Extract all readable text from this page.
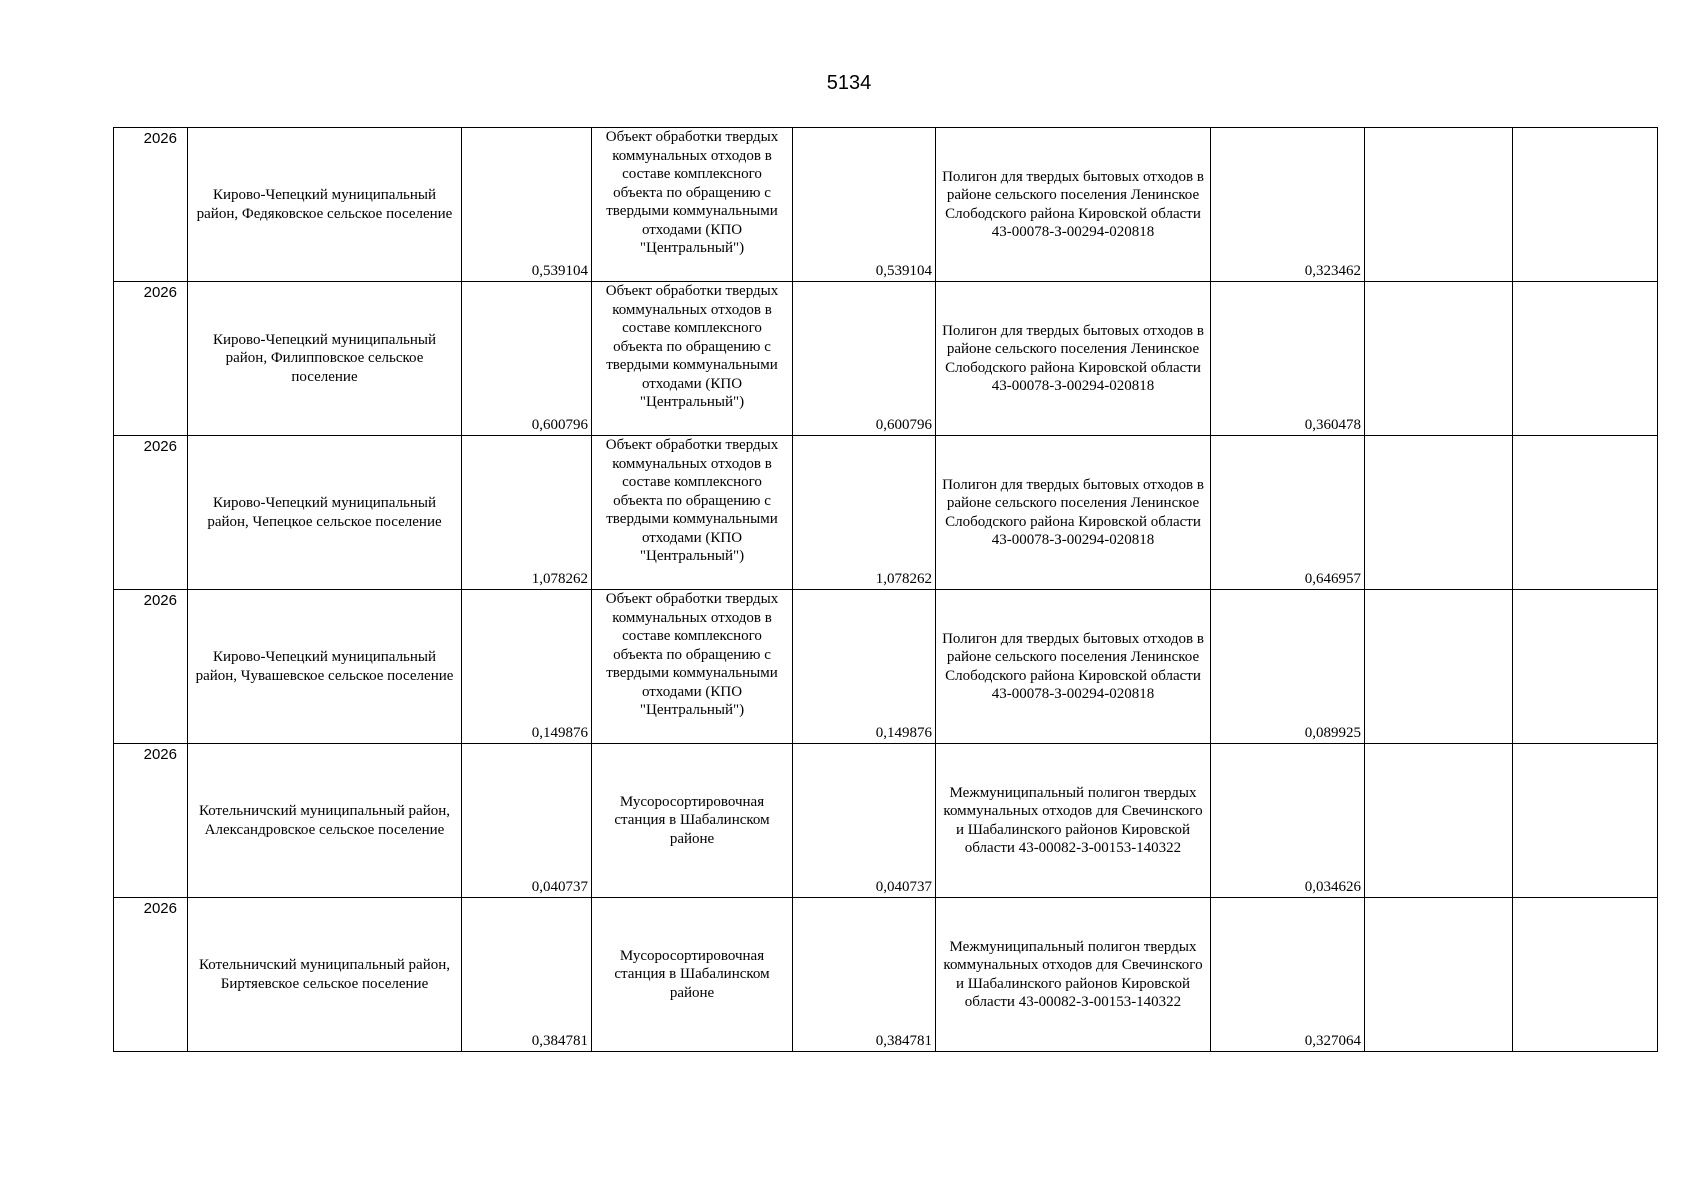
5134
2026	Кирово-Чепецкий муниципальный район, Федяковское сельское поселение	0,539104	Объект обработки твердых коммунальных отходов в составе комплексного объекта по обращению с твердыми коммунальными отходами (КПО "Центральный")	0,539104	Полигон для твердых бытовых отходов в районе сельского поселения Ленинское Слободского района Кировской области 43-00078-З-00294-020818	0,323462		
2026	Кирово-Чепецкий муниципальный район, Филипповское сельское поселение	0,600796	Объект обработки твердых коммунальных отходов в составе комплексного объекта по обращению с твердыми коммунальными отходами (КПО "Центральный")	0,600796	Полигон для твердых бытовых отходов в районе сельского поселения Ленинское Слободского района Кировской области 43-00078-З-00294-020818	0,360478		
2026	Кирово-Чепецкий муниципальный район, Чепецкое сельское поселение	1,078262	Объект обработки твердых коммунальных отходов в составе комплексного объекта по обращению с твердыми коммунальными отходами (КПО "Центральный")	1,078262	Полигон для твердых бытовых отходов в районе сельского поселения Ленинское Слободского района Кировской области 43-00078-З-00294-020818	0,646957		
2026	Кирово-Чепецкий муниципальный район, Чувашевское сельское поселение	0,149876	Объект обработки твердых коммунальных отходов в составе комплексного объекта по обращению с твердыми коммунальными отходами (КПО "Центральный")	0,149876	Полигон для твердых бытовых отходов в районе сельского поселения Ленинское Слободского района Кировской области 43-00078-З-00294-020818	0,089925		
2026	Котельничский муниципальный район, Александровское сельское поселение	0,040737	Мусоросортировочная станция в Шабалинском районе	0,040737	Межмуниципальный полигон твердых коммунальных отходов для Свечинского и Шабалинского районов Кировской области 43-00082-З-00153-140322	0,034626		
2026	Котельничский муниципальный район, Биртяевское сельское поселение	0,384781	Мусоросортировочная станция в Шабалинском районе	0,384781	Межмуниципальный полигон твердых коммунальных отходов для Свечинского и Шабалинского районов Кировской области 43-00082-З-00153-140322	0,327064		
